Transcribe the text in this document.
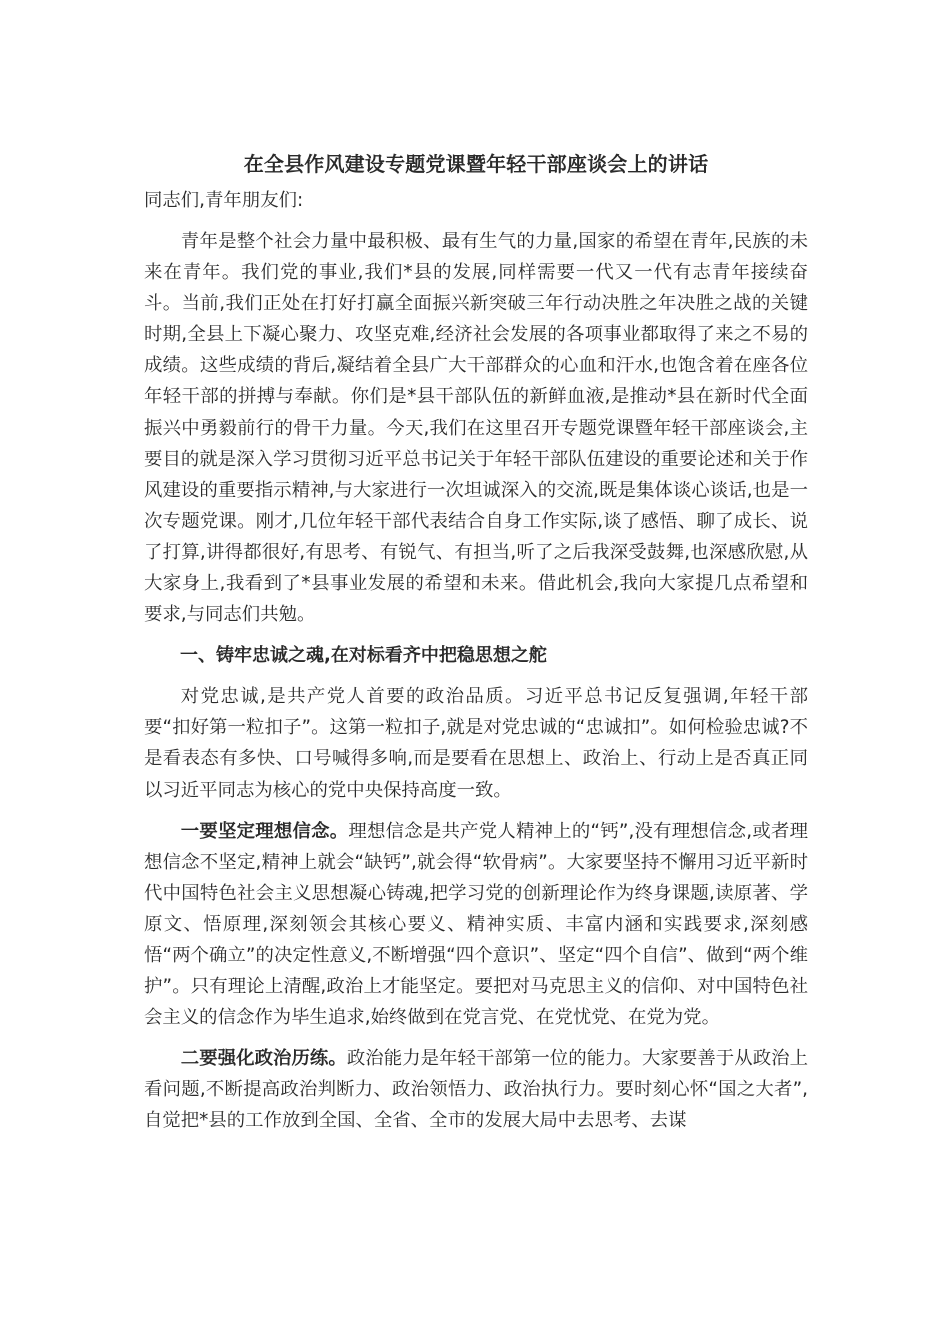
在全县作风建设专题党课暨年轻干部座谈会上的讲话

同志们,青年朋友们:

青年是整个社会力量中最积极、最有生气的力量,国家的希望在青年,民族的未来在青年。我们党的事业,我们*县的发展,同样需要一代又一代有志青年接续奋斗。当前,我们正处在打好打赢全面振兴新突破三年行动决胜之年决胜之战的关键时期,全县上下凝心聚力、攻坚克难,经济社会发展的各项事业都取得了来之不易的成绩。这些成绩的背后,凝结着全县广大干部群众的心血和汗水,也饱含着在座各位年轻干部的拼搏与奉献。你们是*县干部队伍的新鲜血液,是推动*县在新时代全面振兴中勇毅前行的骨干力量。今天,我们在这里召开专题党课暨年轻干部座谈会,主要目的就是深入学习贯彻习近平总书记关于年轻干部队伍建设的重要论述和关于作风建设的重要指示精神,与大家进行一次坦诚深入的交流,既是集体谈心谈话,也是一次专题党课。刚才,几位年轻干部代表结合自身工作实际,谈了感悟、聊了成长、说了打算,讲得都很好,有思考、有锐气、有担当,听了之后我深受鼓舞,也深感欣慰,从大家身上,我看到了*县事业发展的希望和未来。借此机会,我向大家提几点希望和要求,与同志们共勉。

一、铸牢忠诚之魂,在对标看齐中把稳思想之舵

对党忠诚,是共产党人首要的政治品质。习近平总书记反复强调,年轻干部要“扣好第一粒扣子”。这第一粒扣子,就是对党忠诚的“忠诚扣”。如何检验忠诚?不是看表态有多快、口号喊得多响,而是要看在思想上、政治上、行动上是否真正同以习近平同志为核心的党中央保持高度一致。

一要坚定理想信念。理想信念是共产党人精神上的“钙”,没有理想信念,或者理想信念不坚定,精神上就会“缺钙”,就会得“软骨病”。大家要坚持不懈用习近平新时代中国特色社会主义思想凝心铸魂,把学习党的创新理论作为终身课题,读原著、学原文、悟原理,深刻领会其核心要义、精神实质、丰富内涵和实践要求,深刻感悟“两个确立”的决定性意义,不断增强“四个意识”、坚定“四个自信”、做到“两个维护”。只有理论上清醒,政治上才能坚定。要把对马克思主义的信仰、对中国特色社会主义的信念作为毕生追求,始终做到在党言党、在党忧党、在党为党。

二要强化政治历练。政治能力是年轻干部第一位的能力。大家要善于从政治上看问题,不断提高政治判断力、政治领悟力、政治执行力。要时刻心怀“国之大者”,自觉把*县的工作放到全国、全省、全市的发展大局中去思考、去谋
